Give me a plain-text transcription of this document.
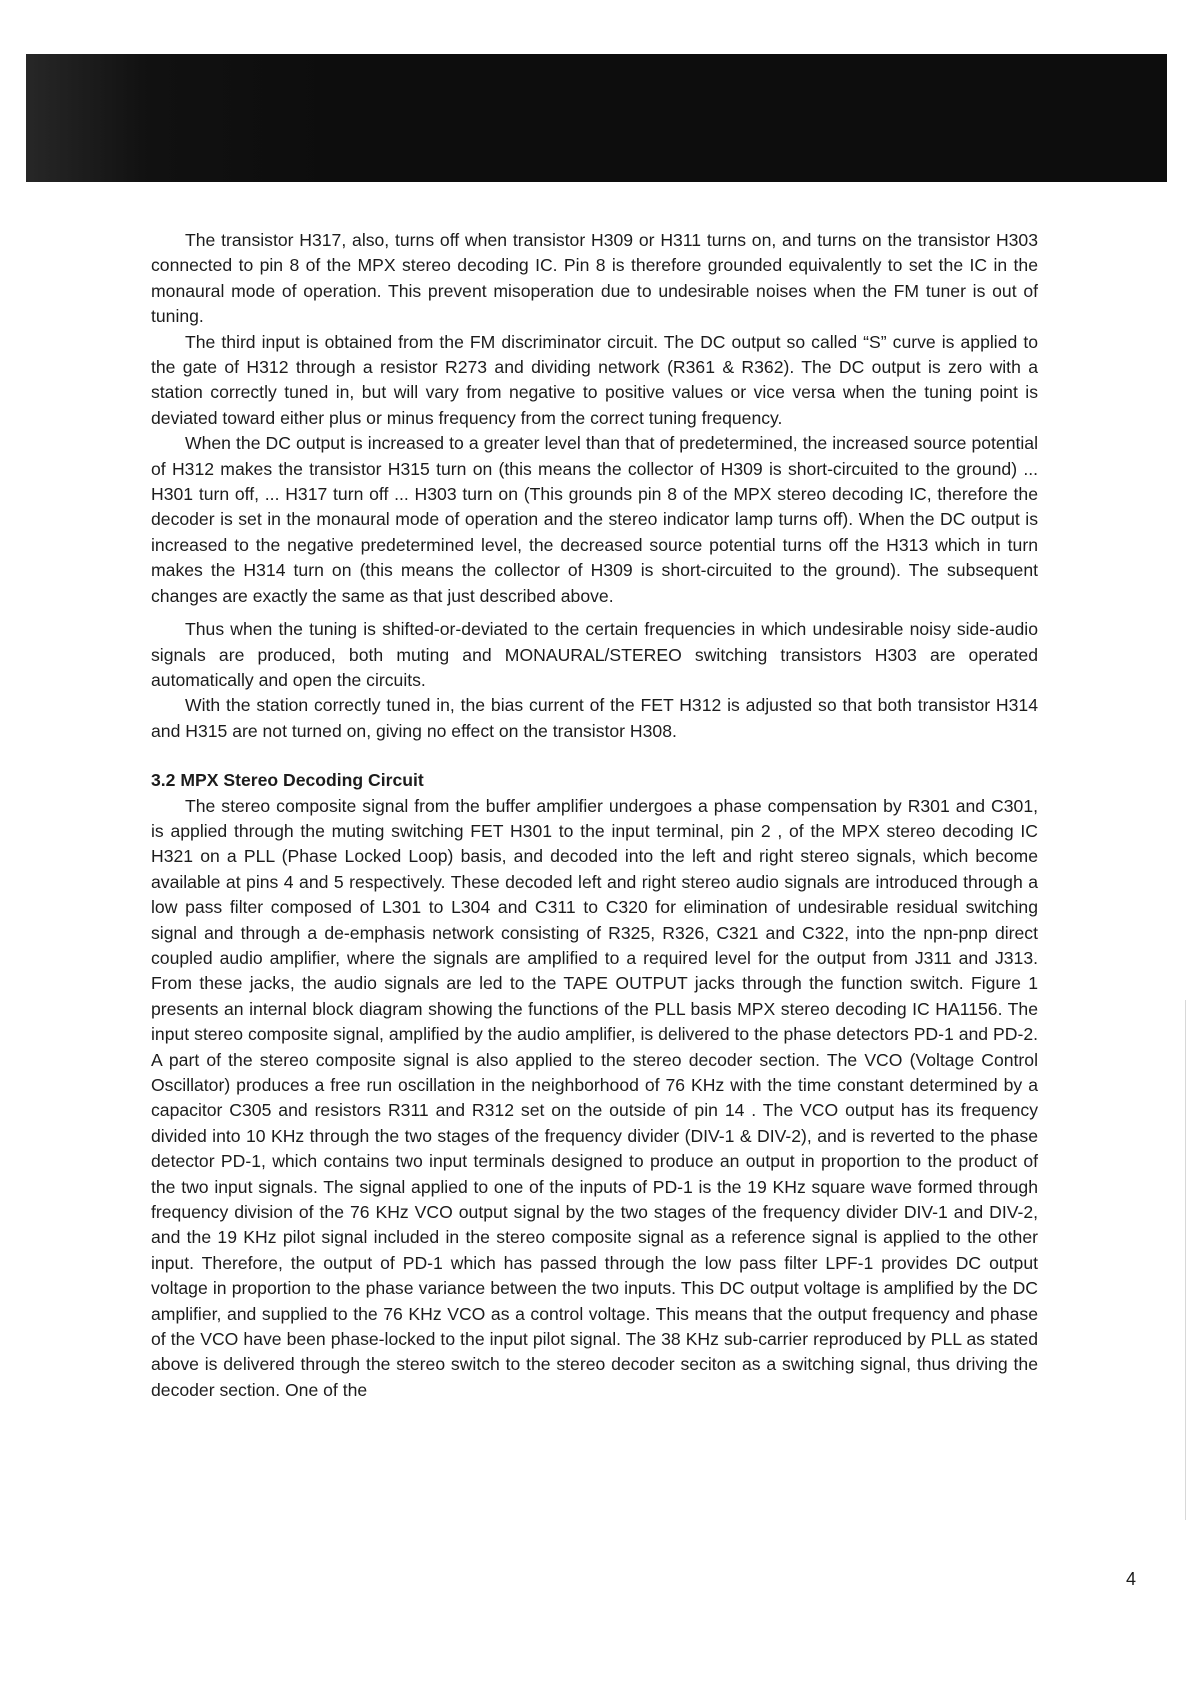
The transistor H317, also, turns off when transistor H309 or H311 turns on, and turns on the transistor H303 connected to pin 8 of the MPX stereo decoding IC. Pin 8 is therefore grounded equivalently to set the IC in the monaural mode of operation. This prevent misoperation due to undesirable noises when the FM tuner is out of tuning.

The third input is obtained from the FM discriminator circuit. The DC output so called “S” curve is applied to the gate of H312 through a resistor R273 and dividing network (R361 & R362). The DC output is zero with a station correctly tuned in, but will vary from negative to positive values or vice versa when the tuning point is deviated toward either plus or minus frequency from the correct tuning frequency.

When the DC output is increased to a greater level than that of predetermined, the increased source potential of H312 makes the transistor H315 turn on (this means the collector of H309 is short-circuited to the ground) ... H301 turn off, ... H317 turn off ... H303 turn on (This grounds pin 8 of the MPX stereo decoding IC, therefore the decoder is set in the monaural mode of operation and the stereo indicator lamp turns off). When the DC output is increased to the negative predetermined level, the decreased source potential turns off the H313 which in turn makes the H314 turn on (this means the collector of H309 is short-circuited to the ground). The subsequent changes are exactly the same as that just described above.

Thus when the tuning is shifted-or-deviated to the certain frequencies in which undesirable noisy side-audio signals are produced, both muting and MONAURAL/STEREO switching transistors H303 are operated automatically and open the circuits.

With the station correctly tuned in, the bias current of the FET H312 is adjusted so that both transistor H314 and H315 are not turned on, giving no effect on the transistor H308.

3.2 MPX Stereo Decoding Circuit

The stereo composite signal from the buffer amplifier undergoes a phase compensation by R301 and C301, is applied through the muting switching FET H301 to the input terminal, pin 2 , of the MPX stereo decoding IC H321 on a PLL (Phase Locked Loop) basis, and decoded into the left and right stereo signals, which become available at pins 4 and 5 respectively. These decoded left and right stereo audio signals are introduced through a low pass filter composed of L301 to L304 and C311 to C320 for elimination of undesirable residual switching signal and through a de-emphasis network consisting of R325, R326, C321 and C322, into the npn-pnp direct coupled audio amplifier, where the signals are amplified to a required level for the output from J311 and J313. From these jacks, the audio signals are led to the TAPE OUTPUT jacks through the function switch. Figure 1 presents an internal block diagram showing the functions of the PLL basis MPX stereo decoding IC HA1156. The input stereo composite signal, amplified by the audio amplifier, is delivered to the phase detectors PD-1 and PD-2. A part of the stereo composite signal is also applied to the stereo decoder section. The VCO (Voltage Control Oscillator) produces a free run oscillation in the neighborhood of 76 KHz with the time constant determined by a capacitor C305 and resistors R311 and R312 set on the outside of pin 14 . The VCO output has its frequency divided into 10 KHz through the two stages of the frequency divider (DIV-1 & DIV-2), and is reverted to the phase detector PD-1, which contains two input terminals designed to produce an output in proportion to the product of the two input signals. The signal applied to one of the inputs of PD-1 is the 19 KHz square wave formed through frequency division of the 76 KHz VCO output signal by the two stages of the frequency divider DIV-1 and DIV-2, and the 19 KHz pilot signal included in the stereo composite signal as a reference signal is applied to the other input. Therefore, the output of PD-1 which has passed through the low pass filter LPF-1 provides DC output voltage in proportion to the phase variance between the two inputs. This DC output voltage is amplified by the DC amplifier, and supplied to the 76 KHz VCO as a control voltage. This means that the output frequency and phase of the VCO have been phase-locked to the input pilot signal. The 38 KHz sub-carrier reproduced by PLL as stated above is delivered through the stereo switch to the stereo decoder seciton as a switching signal, thus driving the decoder section. One of the

4
